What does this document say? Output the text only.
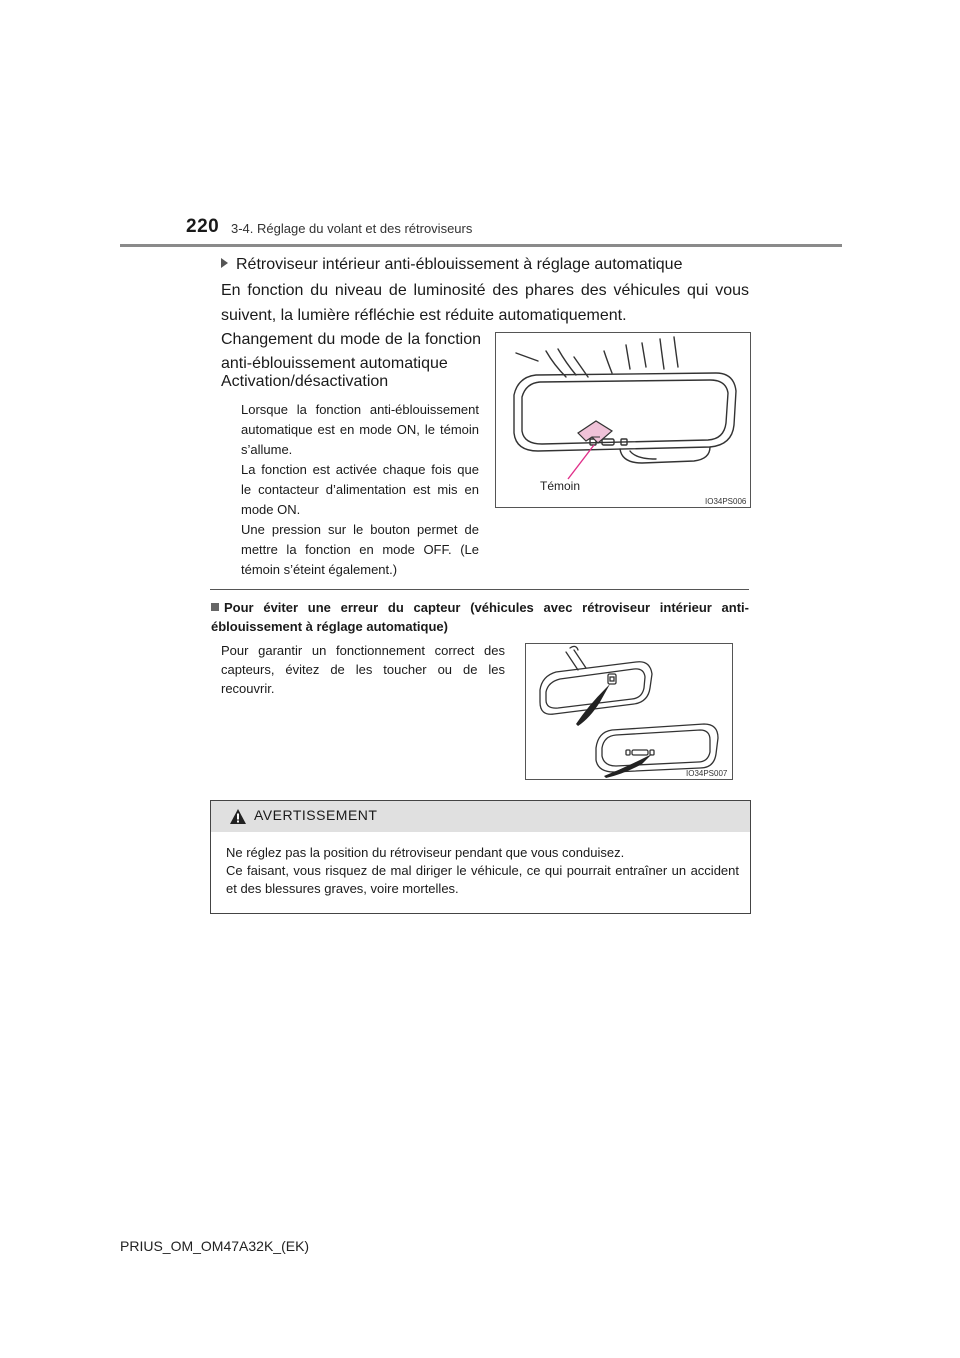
220 3-4. Réglage du volant et des rétroviseurs
Rétroviseur intérieur anti-éblouissement à réglage automatique
En fonction du niveau de luminosité des phares des véhicules qui vous suivent, la lumière réfléchie est réduite automatiquement.
Changement du mode de la fonction anti-éblouissement automatique
Activation/désactivation

Lorsque la fonction anti-éblouissement automatique est en mode ON, le témoin s’allume.

La fonction est activée chaque fois que le contacteur d’alimentation est mis en mode ON.

Une pression sur le bouton permet de mettre la fonction en mode OFF. (Le témoin s’éteint également.)

Témoin
IO34PS006
Pour éviter une erreur du capteur (véhicules avec rétroviseur intérieur anti-éblouissement à réglage automatique)
Pour garantir un fonctionnement correct des capteurs, évitez de les toucher ou de les recouvrir.
IO34PS007
AVERTISSEMENT

Ne réglez pas la position du rétroviseur pendant que vous conduisez.

Ce faisant, vous risquez de mal diriger le véhicule, ce qui pourrait entraîner un accident et des blessures graves, voire mortelles.

PRIUS_OM_OM47A32K_(EK)
